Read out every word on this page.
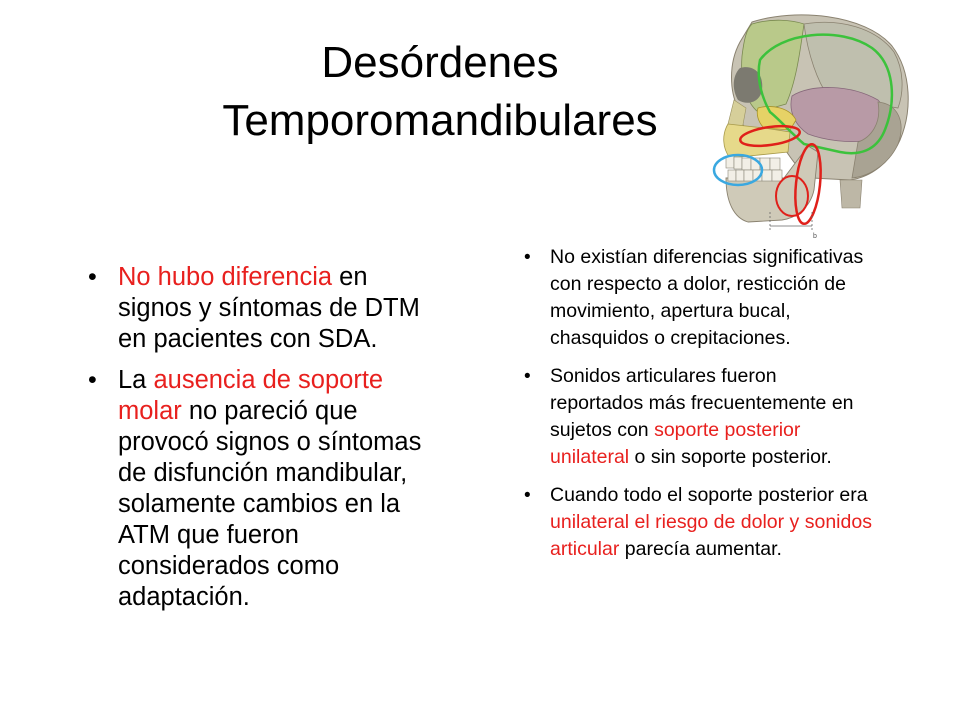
Desórdenes
Temporomandibulares
b
• No hubo diferencia en signos y síntomas de DTM en pacientes con SDA.
• La ausencia de soporte molar no pareció que provocó signos o síntomas de disfunción mandibular, solamente cambios en la ATM que fueron considerados como adaptación.
• No existían diferencias significativas con respecto a dolor, resticción de movimiento, apertura bucal, chasquidos o crepitaciones.
• Sonidos articulares fueron reportados más frecuentemente en sujetos con soporte posterior unilateral o sin soporte posterior.
• Cuando todo el soporte posterior era unilateral el riesgo de dolor y sonidos articular parecía aumentar.
